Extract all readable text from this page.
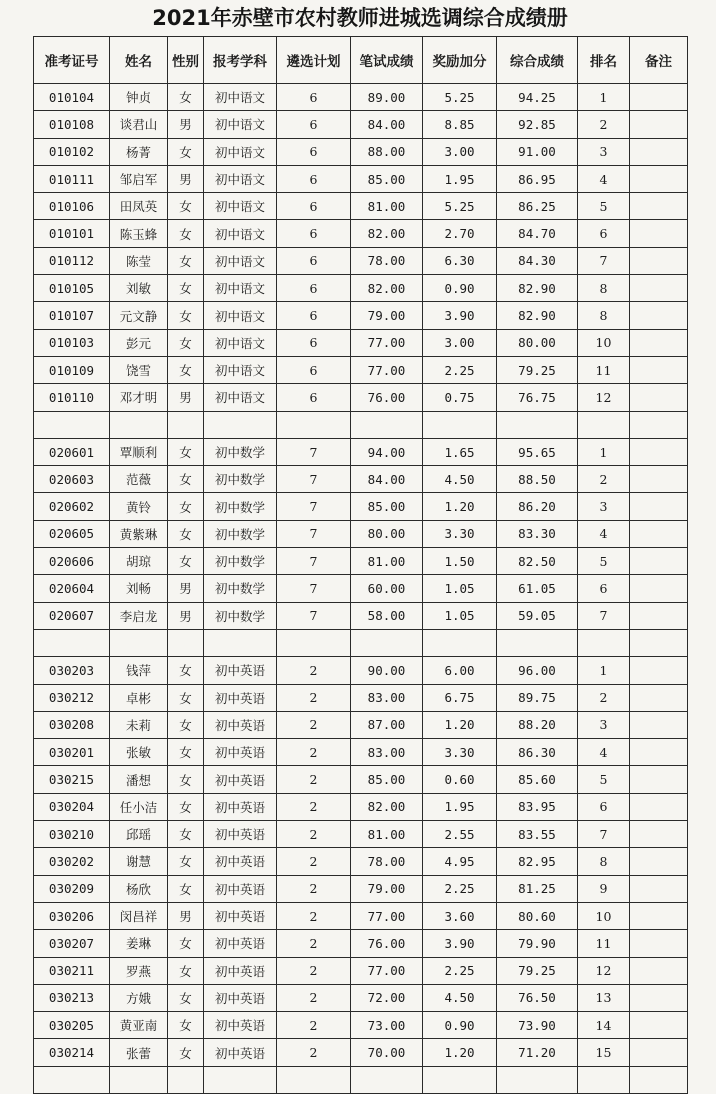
2021年赤壁市农村教师进城选调综合成绩册
准考证号	姓名	性别	报考学科	遴选计划	笔试成绩	奖励加分	综合成绩	排名	备注
010104	钟贞	女	初中语文	6	89.00	5.25	94.25	1	
010108	谈君山	男	初中语文	6	84.00	8.85	92.85	2	
010102	杨菁	女	初中语文	6	88.00	3.00	91.00	3	
010111	邹启军	男	初中语文	6	85.00	1.95	86.95	4	
010106	田凤英	女	初中语文	6	81.00	5.25	86.25	5	
010101	陈玉蜂	女	初中语文	6	82.00	2.70	84.70	6	
010112	陈莹	女	初中语文	6	78.00	6.30	84.30	7	
010105	刘敏	女	初中语文	6	82.00	0.90	82.90	8	
010107	元文静	女	初中语文	6	79.00	3.90	82.90	8	
010103	彭元	女	初中语文	6	77.00	3.00	80.00	10	
010109	饶雪	女	初中语文	6	77.00	2.25	79.25	11	
010110	邓才明	男	初中语文	6	76.00	0.75	76.75	12	

020601	覃顺利	女	初中数学	7	94.00	1.65	95.65	1	
020603	范薇	女	初中数学	7	84.00	4.50	88.50	2	
020602	黄铃	女	初中数学	7	85.00	1.20	86.20	3	
020605	黄紫琳	女	初中数学	7	80.00	3.30	83.30	4	
020606	胡琼	女	初中数学	7	81.00	1.50	82.50	5	
020604	刘畅	男	初中数学	7	60.00	1.05	61.05	6	
020607	李启龙	男	初中数学	7	58.00	1.05	59.05	7	

030203	钱萍	女	初中英语	2	90.00	6.00	96.00	1	
030212	卓彬	女	初中英语	2	83.00	6.75	89.75	2	
030208	未莉	女	初中英语	2	87.00	1.20	88.20	3	
030201	张敏	女	初中英语	2	83.00	3.30	86.30	4	
030215	潘想	女	初中英语	2	85.00	0.60	85.60	5	
030204	任小洁	女	初中英语	2	82.00	1.95	83.95	6	
030210	邱瑶	女	初中英语	2	81.00	2.55	83.55	7	
030202	谢慧	女	初中英语	2	78.00	4.95	82.95	8	
030209	杨欣	女	初中英语	2	79.00	2.25	81.25	9	
030206	闵昌祥	男	初中英语	2	77.00	3.60	80.60	10	
030207	姜琳	女	初中英语	2	76.00	3.90	79.90	11	
030211	罗燕	女	初中英语	2	77.00	2.25	79.25	12	
030213	方娥	女	初中英语	2	72.00	4.50	76.50	13	
030205	黄亚南	女	初中英语	2	73.00	0.90	73.90	14	
030214	张蕾	女	初中英语	2	70.00	1.20	71.20	15	
